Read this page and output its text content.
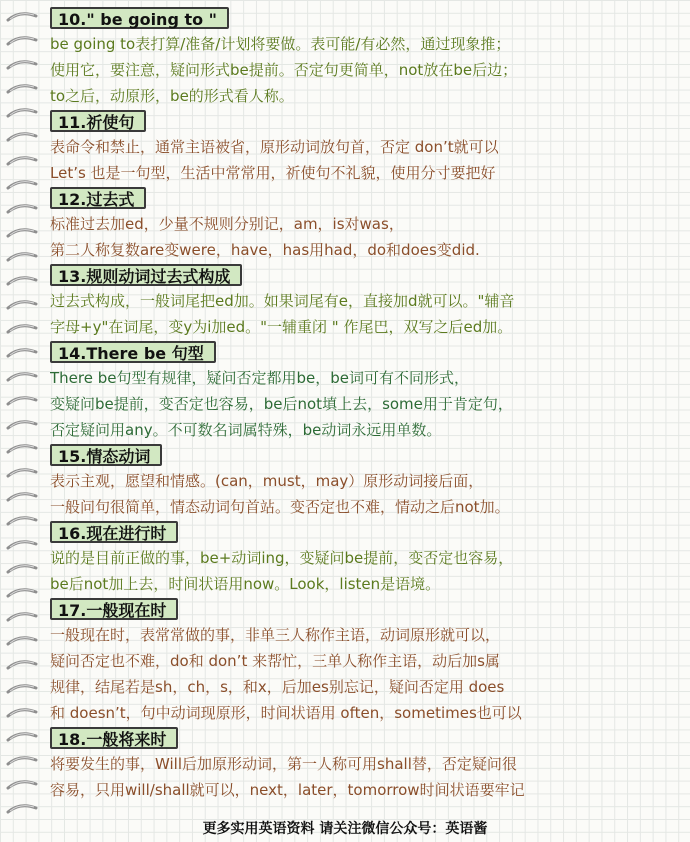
10." be going to "
be going to表打算/准备/计划将要做。表可能/有必然，通过现象推；
使用它，要注意，疑问形式be提前。否定句更简单，not放在be后边；
to之后，动原形，be的形式看人称。
11.祈使句
表命令和禁止，通常主语被省，原形动词放句首，否定 don’t就可以
Let’s 也是一句型，生活中常常用，祈使句不礼貌，使用分寸要把好
12.过去式
标准过去加ed，少量不规则分别记，am，is对was，
第二人称复数are变were，have，has用had，do和does变did.
13.规则动词过去式构成
过去式构成，一般词尾把ed加。如果词尾有e，直接加d就可以。"辅音
字母+y"在词尾，变y为i加ed。"一辅重闭 " 作尾巴，双写之后ed加。
14.There be 句型
There be句型有规律，疑问否定都用be，be词可有不同形式，
变疑问be提前，变否定也容易，be后not填上去，some用于肯定句，
否定疑问用any。不可数名词属特殊，be动词永远用单数。
15.情态动词
表示主观，愿望和情感。(can，must，may）原形动词接后面，
一般问句很简单，情态动词句首站。变否定也不难，情动之后not加。
16.现在进行时
说的是目前正做的事，be+动词ing，变疑问be提前，变否定也容易，
be后not加上去，时间状语用now。Look，listen是语境。
17.一般现在时
一般现在时，表常常做的事，非单三人称作主语，动词原形就可以，
疑问否定也不难，do和 don’t 来帮忙，三单人称作主语，动后加s属
规律，结尾若是sh，ch，s，和x，后加es别忘记，疑问否定用 does
和 doesn’t，句中动词现原形，时间状语用 often，sometimes也可以
18.一般将来时
将要发生的事，Will后加原形动词，第一人称可用shall替，否定疑问很
容易，只用will/shall就可以，next，later，tomorrow时间状语要牢记
更多实用英语资料 请关注微信公众号：英语酱
